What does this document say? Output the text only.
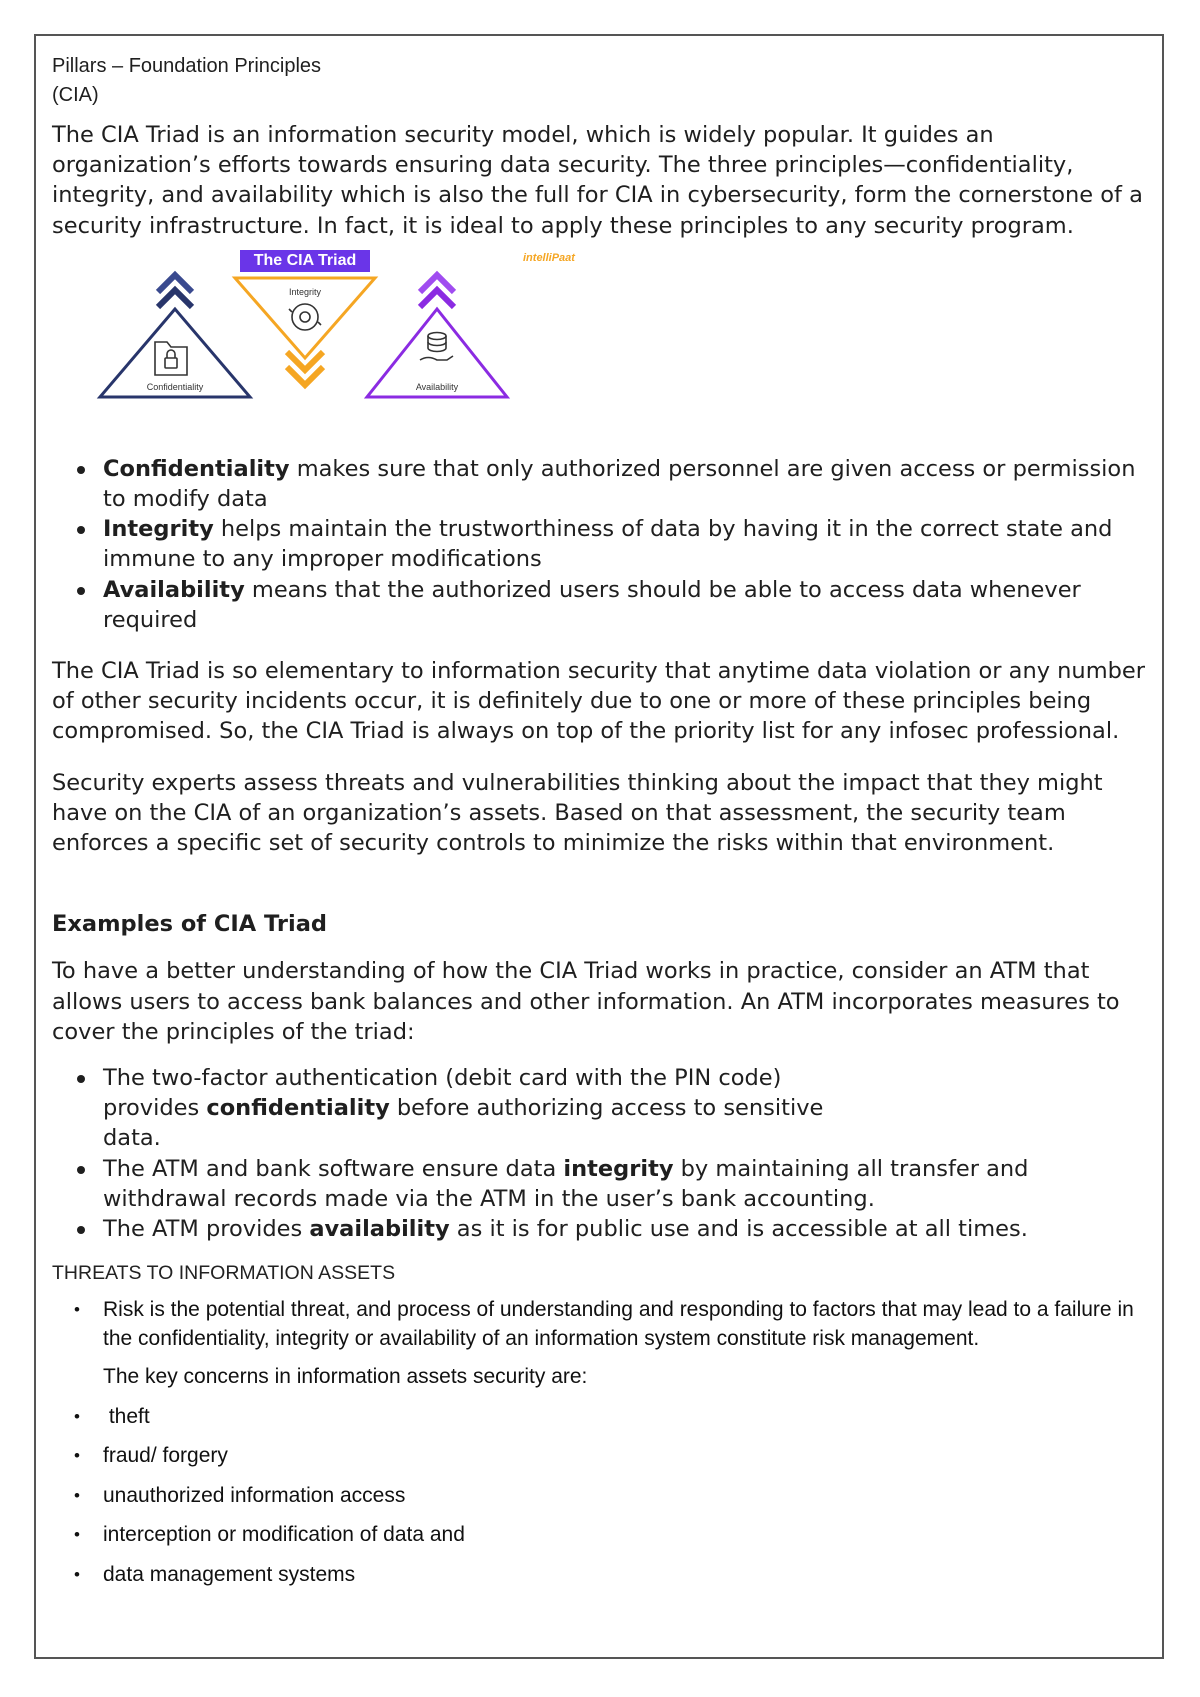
Pillars – Foundation Principles
(CIA)

The CIA Triad is an information security model, which is widely popular. It guides an organization’s efforts towards ensuring data security. The three principles—confidentiality, integrity, and availability which is also the full for CIA in cybersecurity, form the cornerstone of a security infrastructure. In fact, it is ideal to apply these principles to any security program.

Confidentiality makes sure that only authorized personnel are given access or permission to modify data
Integrity helps maintain the trustworthiness of data by having it in the correct state and immune to any improper modifications
Availability means that the authorized users should be able to access data whenever required

The CIA Triad is so elementary to information security that anytime data violation or any number of other security incidents occur, it is definitely due to one or more of these principles being compromised. So, the CIA Triad is always on top of the priority list for any infosec professional.

Security experts assess threats and vulnerabilities thinking about the impact that they might have on the CIA of an organization’s assets. Based on that assessment, the security team enforces a specific set of security controls to minimize the risks within that environment.

Examples of CIA Triad

To have a better understanding of how the CIA Triad works in practice, consider an ATM that allows users to access bank balances and other information. An ATM incorporates measures to cover the principles of the triad:

The two-factor authentication (debit card with the PIN code) provides confidentiality before authorizing access to sensitive data.
The ATM and bank software ensure data integrity by maintaining all transfer and withdrawal records made via the ATM in the user’s bank accounting.
The ATM provides availability as it is for public use and is accessible at all times.
THREATS TO INFORMATION ASSETS
• Risk is the potential threat, and process of understanding and responding to factors that may lead to a failure in the confidentiality, integrity or availability of an information system constitute risk management.
The key concerns in information assets security are:
• theft
• fraud/ forgery
• unauthorized information access
• interception or modification of data and
• data management systems
Confidentiality
The CIA Triad
Integrity
Availability
intelliPaat
